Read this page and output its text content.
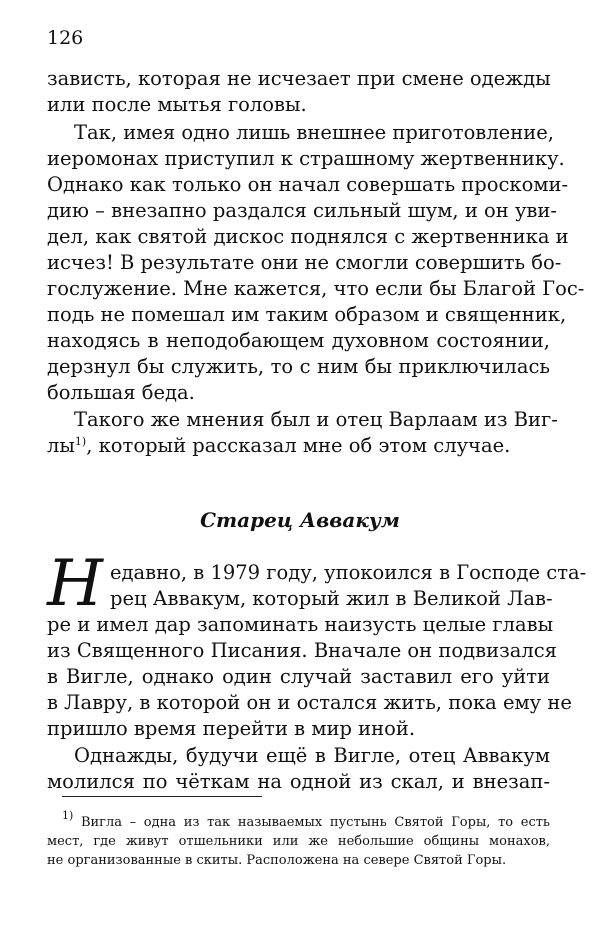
126
зависть, которая не исчезает при смене одежды
или после мытья головы.
Так, имея одно лишь внешнее приготовление,
иеромонах приступил к страшному жертвеннику.
Однако как только он начал совершать проскоми-
дию – внезапно раздался сильный шум, и он уви-
дел, как святой дискос поднялся с жертвенника и
исчез! В результате они не смогли совершить бо-
гослужение. Мне кажется, что если бы Благой Гос-
подь не помешал им таким образом и священник,
находясь в неподобающем духовном состоянии,
дерзнул бы служить, то с ним бы приключилась
большая беда.
Такого же мнения был и отец Варлаам из Виг-
$лы^{1)}$, который рассказал мне об этом случае.
Старец Аввакум
Н едавно, в 1979 году, упокоился в Господе ста-
рец Аввакум, который жил в Великой Лав-
ре и имел дар запоминать наизусть целые главы
из Священного Писания. Вначале он подвизался
в Вигле, однако один случай заставил его уйти
в Лавру, в которой он и остался жить, пока ему не
пришло время перейти в мир иной.
Однажды, будучи ещё в Вигле, отец Аввакум
молился по чёткам на одной из скал, и внезап-
$^{1)}$ Вигла – одна из так называемых пустынь Святой Горы, то есть
мест, где живут отшельники или же небольшие общины монахов,
не организованные в скиты. Расположена на севере Святой Горы.
